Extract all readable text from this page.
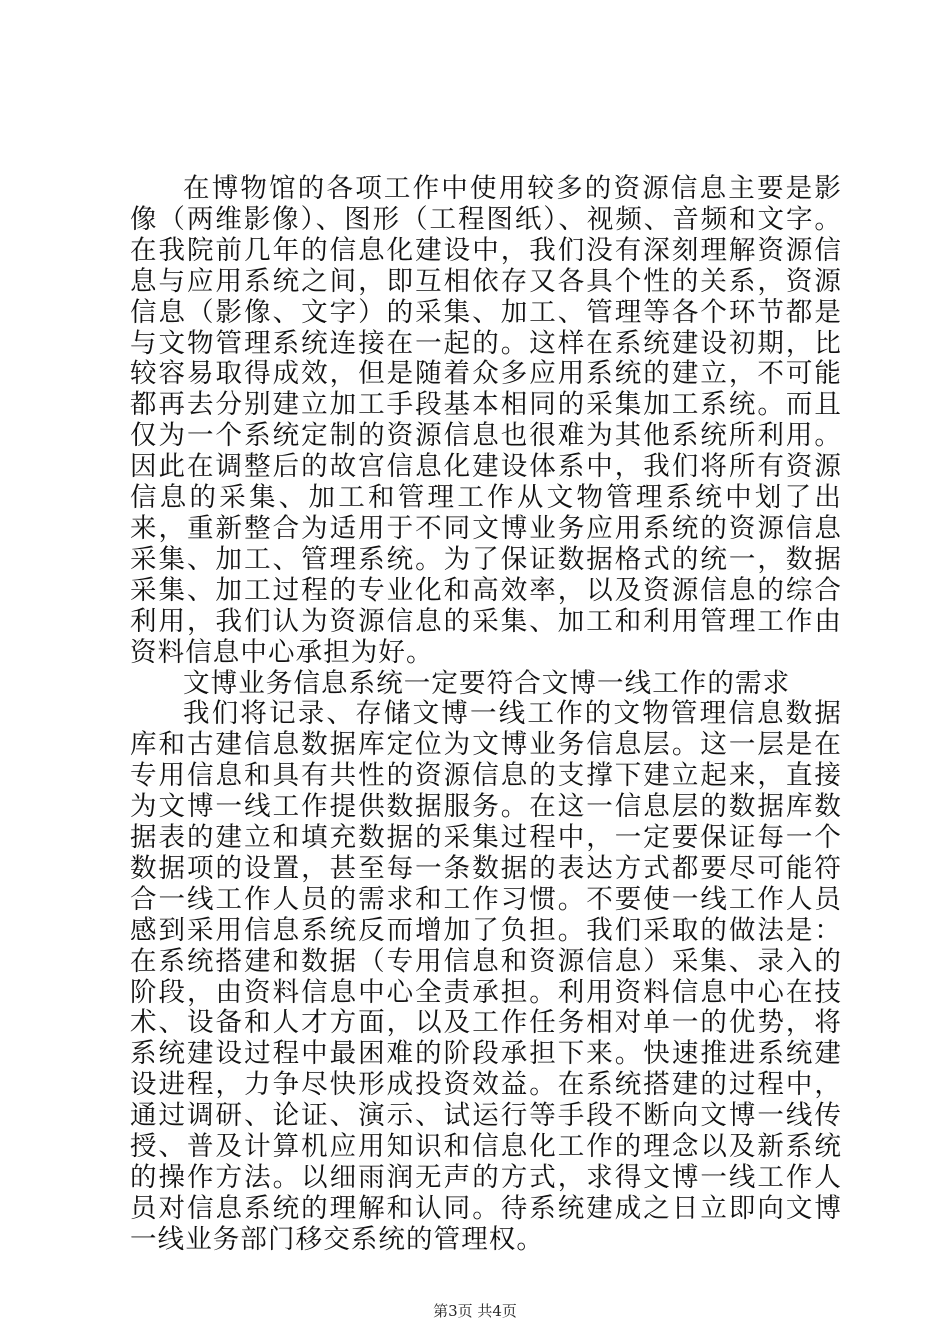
在博物馆的各项工作中使用较多的资源信息主要是影像（两维影像）、图形（工程图纸）、视频、音频和文字。在我院前几年的信息化建设中，我们没有深刻理解资源信息与应用系统之间，即互相依存又各具个性的关系，资源信息（影像、文字）的采集、加工、管理等各个环节都是与文物管理系统连接在一起的。这样在系统建设初期，比较容易取得成效，但是随着众多应用系统的建立，不可能都再去分别建立加工手段基本相同的采集加工系统。而且仅为一个系统定制的资源信息也很难为其他系统所利用。因此在调整后的故宫信息化建设体系中，我们将所有资源信息的采集、加工和管理工作从文物管理系统中划了出来，重新整合为适用于不同文博业务应用系统的资源信息采集、加工、管理系统。为了保证数据格式的统一，数据采集、加工过程的专业化和高效率，以及资源信息的综合利用，我们认为资源信息的采集、加工和利用管理工作由资料信息中心承担为好。

文博业务信息系统一定要符合文博一线工作的需求

我们将记录、存储文博一线工作的文物管理信息数据库和古建信息数据库定位为文博业务信息层。这一层是在专用信息和具有共性的资源信息的支撑下建立起来，直接为文博一线工作提供数据服务。在这一信息层的数据库数据表的建立和填充数据的采集过程中，一定要保证每一个数据项的设置，甚至每一条数据的表达方式都要尽可能符合一线工作人员的需求和工作习惯。不要使一线工作人员感到采用信息系统反而增加了负担。我们采取的做法是：在系统搭建和数据（专用信息和资源信息）采集、录入的阶段，由资料信息中心全责承担。利用资料信息中心在技术、设备和人才方面，以及工作任务相对单一的优势，将系统建设过程中最困难的阶段承担下来。快速推进系统建设进程，力争尽快形成投资效益。在系统搭建的过程中，通过调研、论证、演示、试运行等手段不断向文博一线传授、普及计算机应用知识和信息化工作的理念以及新系统的操作方法。以细雨润无声的方式，求得文博一线工作人员对信息系统的理解和认同。待系统建成之日立即向文博一线业务部门移交系统的管理权。

第3页 共4页
